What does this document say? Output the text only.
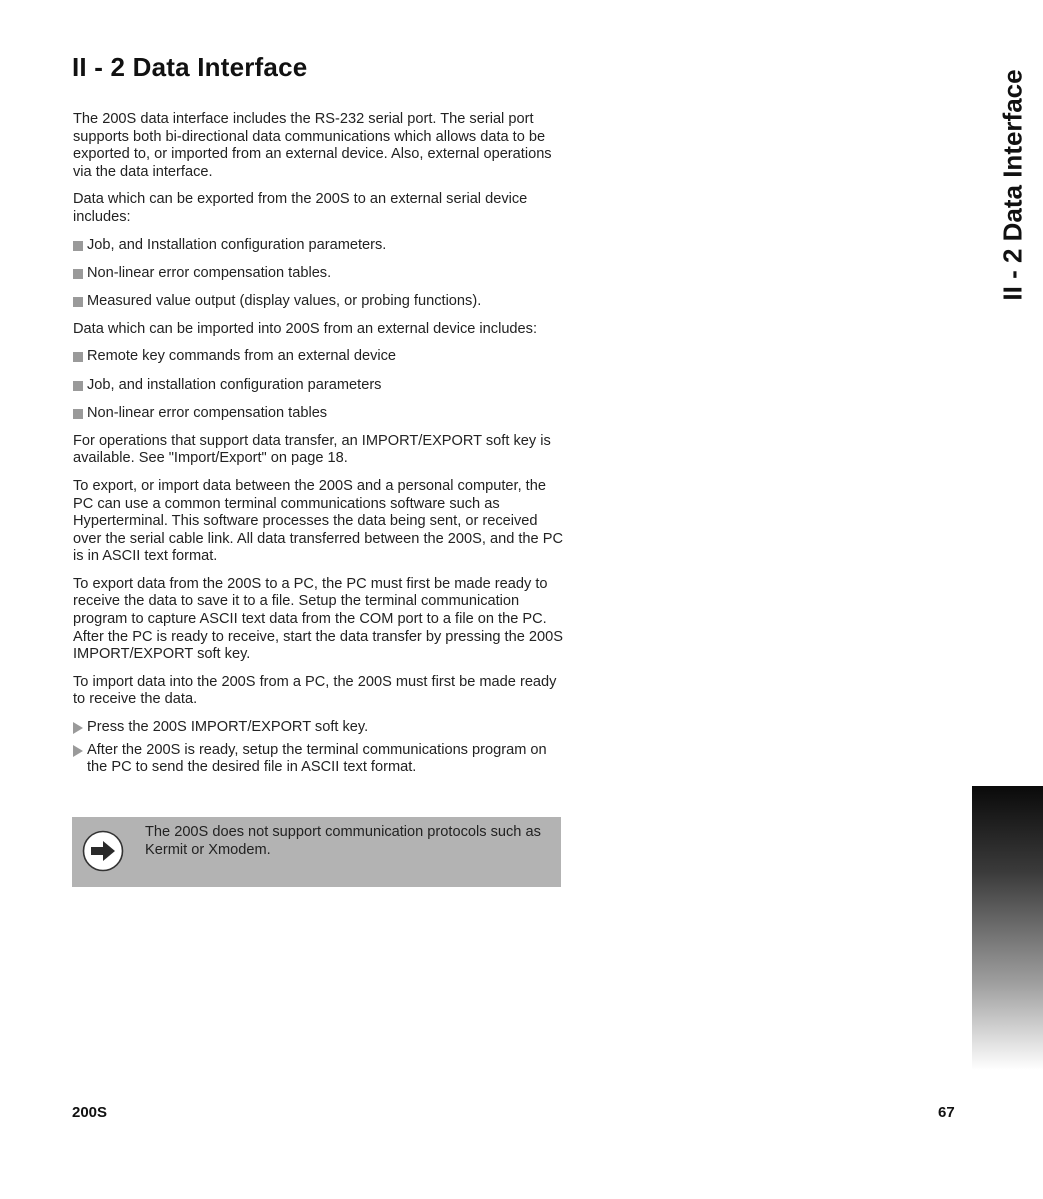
II - 2 Data Interface
II - 2 Data Interface

The 200S data interface includes the RS-232 serial port. The serial port supports both bi-directional data communications which allows data to be exported to, or imported from an external device. Also, external operations via the data interface.

Data which can be exported from the 200S to an external serial device includes:

Job, and Installation configuration parameters.
Non-linear error compensation tables.
Measured value output (display values, or probing functions).

Data which can be imported into 200S from an external device includes:

Remote key commands from an external device
Job, and installation configuration parameters
Non-linear error compensation tables

For operations that support data transfer, an IMPORT/EXPORT soft key is available. See "Import/Export" on page 18.

To export, or import data between the 200S and a personal computer, the PC can use a common terminal communications software such as Hyperterminal. This software processes the data being sent, or received over the serial cable link. All data transferred between the 200S, and the PC is in ASCII text format.

To export data from the 200S to a PC, the PC must first be made ready to receive the data to save it to a file. Setup the terminal communication program to capture ASCII text data from the COM port to a file on the PC. After the PC is ready to receive, start the data transfer by pressing the 200S IMPORT/EXPORT soft key.

To import data into the 200S from a PC, the 200S must first be made ready to receive the data.

Press the 200S IMPORT/EXPORT soft key.
After the 200S is ready, setup the terminal communications program on the PC to send the desired file in ASCII text format.
The 200S does not support communication protocols such as Kermit or Xmodem.
200S	67
